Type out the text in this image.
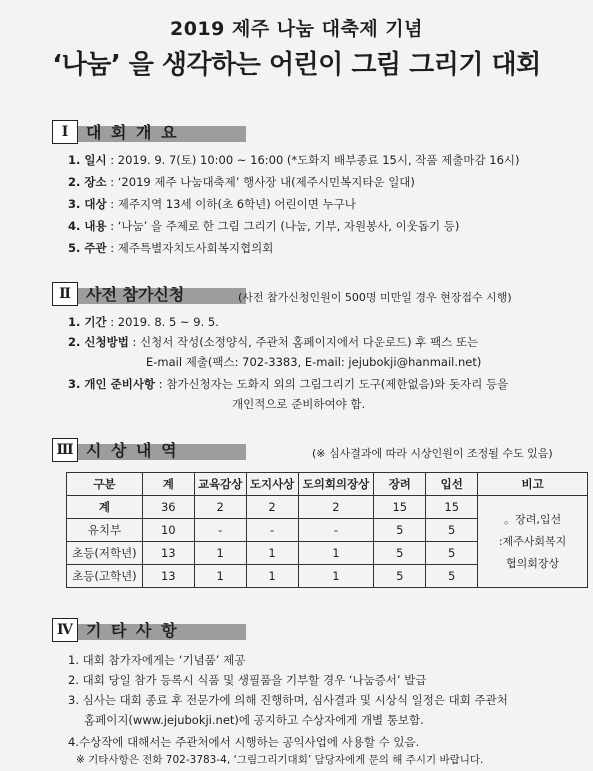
2019 제주 나눔 대축제 기념
‘나눔’ 을 생각하는 어린이 그림 그리기 대회
Ⅰ	대 회 개 요
1. 일시 : 2019. 9. 7(토) 10:00 ~ 16:00 (*도화지 배부종료 15시, 작품 제출마감 16시)
2. 장소 : ‘2019 제주 나눔대축제’ 행사장 내(제주시민복지타운 일대)
3. 대상 : 제주지역 13세 이하(초 6학년) 어린이면 누구나
4. 내용 : ‘나눔’ 을 주제로 한 그림 그리기 (나눔, 기부, 자원봉사, 이웃돕기 등)
5. 주관 : 제주특별자치도사회복지협의회
Ⅱ 사전 참가신청	(사전 참가신청인원이 500명 미만일 경우 현장접수 시행)
1. 기간 : 2019. 8. 5 ~ 9. 5.
2. 신청방법 : 신청서 작성(소정양식, 주관처 홈페이지에서 다운로드) 후 팩스 또는
E-mail 제출(팩스: 702-3383, E-mail: jejubokji@hanmail.net)
3. 개인 준비사항 : 참가신청자는 도화지 외의 그림그리기 도구(제한없음)와 돗자리 등을
개인적으로 준비하여야 함.
Ⅲ 시 상 내 역	(※ 심사결과에 따라 시상인원이 조정될 수도 있음)
구분	계	교육감상	도지사상	도의회의장상	장려	입선	비고
계	36	2	2	2	15	15	。장려,입선
:제주사회복지
협의회장상

유치부	10	-	-	-	5	5	
초등(저학년)	13	1	1	1	5	5	
초등(고학년)	13	1	1	1	5	5	
Ⅳ 기 타 사 항
1. 대회 참가자에게는 ‘기념품’ 제공
2. 대회 당일 참가 등록시 식품 및 생필품을 기부할 경우 ‘나눔증서’ 발급
3. 심사는 대회 종료 후 전문가에 의해 진행하며, 심사결과 및 시상식 일정은 대회 주관처
홈페이지(www.jejubokji.net)에 공지하고 수상자에게 개별 통보함.
4.수상작에 대해서는 주관처에서 시행하는 공익사업에 사용할 수 있음.
※ 기타사항은 전화 702-3783-4, ‘그림그리기대회’ 담당자에게 문의 해 주시기 바랍니다.
